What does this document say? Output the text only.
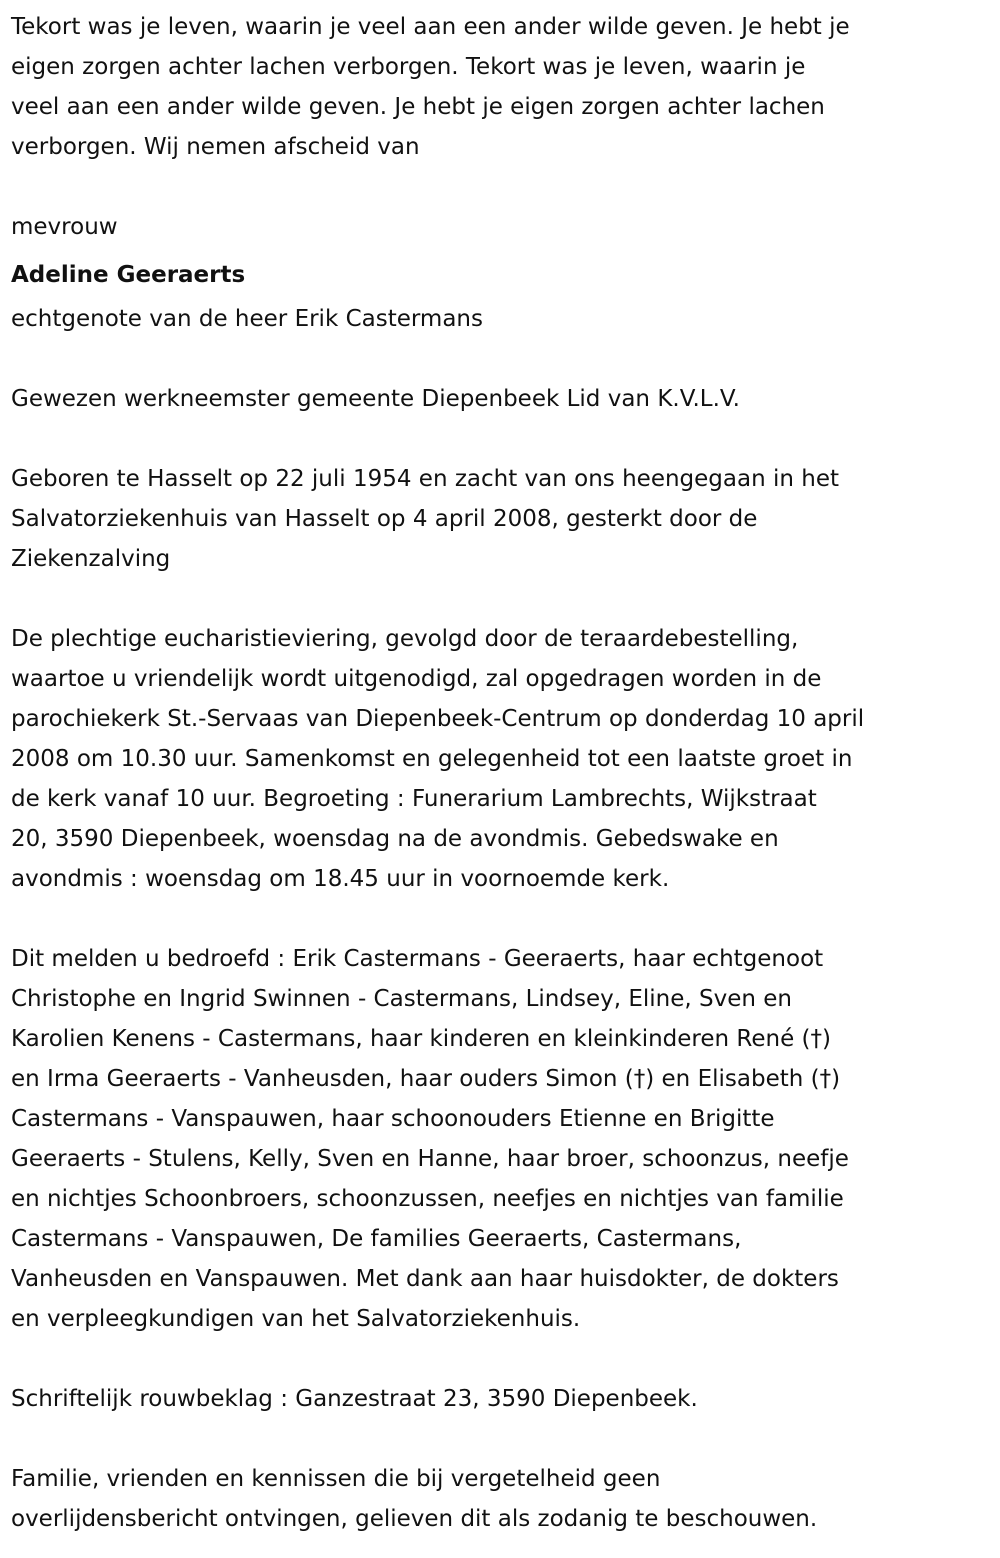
Tekort was je leven, waarin je veel aan een ander wilde geven. Je hebt je
eigen zorgen achter lachen verborgen. Tekort was je leven, waarin je
veel aan een ander wilde geven. Je hebt je eigen zorgen achter lachen
verborgen. Wij nemen afscheid van
mevrouw
Adeline Geeraerts
echtgenote van de heer Erik Castermans
Gewezen werkneemster gemeente Diepenbeek Lid van K.V.L.V.
Geboren te Hasselt op 22 juli 1954 en zacht van ons heengegaan in het
Salvatorziekenhuis van Hasselt op 4 april 2008, gesterkt door de
Ziekenzalving
De plechtige eucharistieviering, gevolgd door de teraardebestelling,
waartoe u vriendelijk wordt uitgenodigd, zal opgedragen worden in de
parochiekerk St.-Servaas van Diepenbeek-Centrum op donderdag 10 april
2008 om 10.30 uur. Samenkomst en gelegenheid tot een laatste groet in
de kerk vanaf 10 uur. Begroeting : Funerarium Lambrechts, Wijkstraat
20, 3590 Diepenbeek, woensdag na de avondmis. Gebedswake en
avondmis : woensdag om 18.45 uur in voornoemde kerk.
Dit melden u bedroefd : Erik Castermans - Geeraerts, haar echtgenoot
Christophe en Ingrid Swinnen - Castermans, Lindsey, Eline, Sven en
Karolien Kenens - Castermans, haar kinderen en kleinkinderen René (†)
en Irma Geeraerts - Vanheusden, haar ouders Simon (†) en Elisabeth (†)
Castermans - Vanspauwen, haar schoonouders Etienne en Brigitte
Geeraerts - Stulens, Kelly, Sven en Hanne, haar broer, schoonzus, neefje
en nichtjes Schoonbroers, schoonzussen, neefjes en nichtjes van familie
Castermans - Vanspauwen, De families Geeraerts, Castermans,
Vanheusden en Vanspauwen. Met dank aan haar huisdokter, de dokters
en verpleegkundigen van het Salvatorziekenhuis.
Schriftelijk rouwbeklag : Ganzestraat 23, 3590 Diepenbeek.
Familie, vrienden en kennissen die bij vergetelheid geen
overlijdensbericht ontvingen, gelieven dit als zodanig te beschouwen.
